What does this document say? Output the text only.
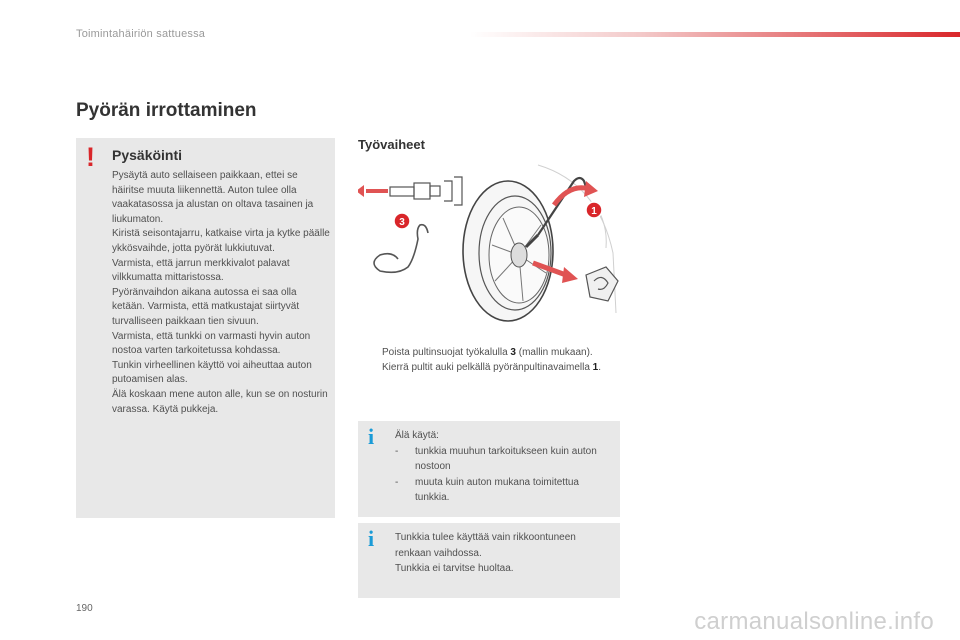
Toimintahäiriön sattuessa
Pyörän irrottaminen
! Pysäköinti

Pysäytä auto sellaiseen paikkaan, ettei se häiritse muuta liikennettä. Auton tulee olla vaakatasossa ja alustan on oltava tasainen ja liukumaton.

Kiristä seisontajarru, katkaise virta ja kytke päälle ykkösvaihde, jotta pyörät lukkiutuvat.

Varmista, että jarrun merkkivalot palavat vilkkumatta mittaristossa.

Pyöränvaihdon aikana autossa ei saa olla ketään. Varmista, että matkustajat siirtyvät turvalliseen paikkaan tien sivuun.

Varmista, että tunkki on varmasti hyvin auton nostoa varten tarkoitetussa kohdassa.

Tunkin virheellinen käyttö voi aiheuttaa auton putoamisen alas.

Älä koskaan mene auton alle, kun se on nosturin varassa. Käytä pukkeja.

Työvaiheet
1
3
Poista pultinsuojat työkalulla 3 (mallin mukaan).
Kierrä pultit auki pelkällä pyöränpultinavaimella 1.
i Älä käytä:
- tunkkia muuhun tarkoitukseen kuin auton nostoon
- muuta kuin auton mukana toimitettua tunkkia.
i Tunkkia tulee käyttää vain rikkoontuneen renkaan vaihdossa.
Tunkkia ei tarvitse huoltaa.
190	carmanualsonline.info
